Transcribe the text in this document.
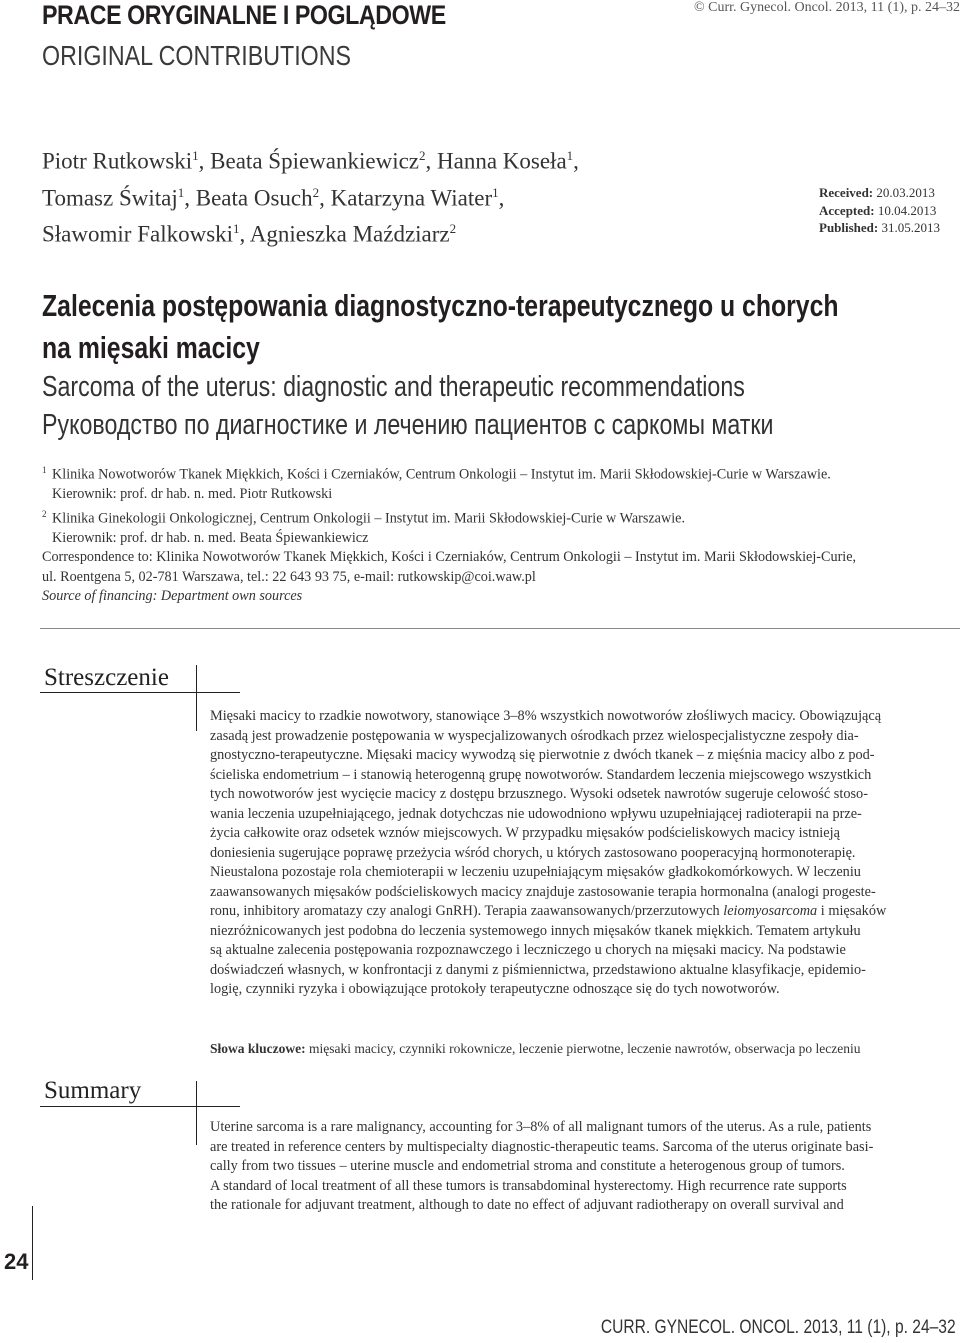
PRACE ORYGINALNE I POGLĄDOWE
ORIGINAL CONTRIBUTIONS
© Curr. Gynecol. Oncol. 2013, 11 (1), p. 24–32
Piotr Rutkowski$^1$, Beata Śpiewankiewicz$^2$, Hanna Koseła$^1$,
Tomasz Świtaj$^1$, Beata Osuch$^2$, Katarzyna Wiater$^1$,
Sławomir Falkowski$^1$, Agnieszka Maździarz$^2$
Received: 20.03.2013
Accepted: 10.04.2013
Published: 31.05.2013
Zalecenia postępowania diagnostyczno-terapeutycznego u chorych
na mięsaki macicy
Sarcoma of the uterus: diagnostic and therapeutic recommendations
Руководство по диагностике и лечению пациентов с саркомы матки
$^1$ Klinika Nowotworów Tkanek Miękkich, Kości i Czerniaków, Centrum Onkologii – Instytut im. Marii Skłodowskiej-Curie w Warszawie.
Kierownik: prof. dr hab. n. med. Piotr Rutkowski
$^2$ Klinika Ginekologii Onkologicznej, Centrum Onkologii – Instytut im. Marii Skłodowskiej-Curie w Warszawie.
Kierownik: prof. dr hab. n. med. Beata Śpiewankiewicz
Correspondence to: Klinika Nowotworów Tkanek Miękkich, Kości i Czerniaków, Centrum Onkologii – Instytut im. Marii Skłodowskiej-Curie,
ul. Roentgena 5, 02-781 Warszawa, tel.: 22 643 93 75, e-mail: rutkowskip@coi.waw.pl
Source of financing: Department own sources
Streszczenie
Mięsaki macicy to rzadkie nowotwory, stanowiące 3–8% wszystkich nowotworów złośliwych macicy. Obowiązującą
zasadą jest prowadzenie postępowania w wyspecjalizowanych ośrodkach przez wielospecjalistyczne zespoły dia-
gnostyczno-terapeutyczne. Mięsaki macicy wywodzą się pierwotnie z dwóch tkanek – z mięśnia macicy albo z pod-
ścieliska endometrium – i stanowią heterogenną grupę nowotworów. Standardem leczenia miejscowego wszystkich
tych nowotworów jest wycięcie macicy z dostępu brzusznego. Wysoki odsetek nawrotów sugeruje celowość stoso-
wania leczenia uzupełniającego, jednak dotychczas nie udowodniono wpływu uzupełniającej radioterapii na prze-
życia całkowite oraz odsetek wznów miejscowych. W przypadku mięsaków podścieliskowych macicy istnieją
doniesienia sugerujące poprawę przeżycia wśród chorych, u których zastosowano pooperacyjną hormonoterapię.
Nieustalona pozostaje rola chemioterapii w leczeniu uzupełniającym mięsaków gładkokomórkowych. W leczeniu
zaawansowanych mięsaków podścieliskowych macicy znajduje zastosowanie terapia hormonalna (analogi progeste-
ronu, inhibitory aromatazy czy analogi GnRH). Terapia zaawansowanych/przerzutowych leiomyosarcoma i mięsaków
niezróżnicowanych jest podobna do leczenia systemowego innych mięsaków tkanek miękkich. Tematem artykułu
są aktualne zalecenia postępowania rozpoznawczego i leczniczego u chorych na mięsaki macicy. Na podstawie
doświadczeń własnych, w konfrontacji z danymi z piśmiennictwa, przedstawiono aktualne klasyfikacje, epidemio-
logię, czynniki ryzyka i obowiązujące protokoły terapeutyczne odnoszące się do tych nowotworów.
Słowa kluczowe: mięsaki macicy, czynniki rokownicze, leczenie pierwotne, leczenie nawrotów, obserwacja po leczeniu
Summary
Uterine sarcoma is a rare malignancy, accounting for 3–8% of all malignant tumors of the uterus. As a rule, patients
are treated in reference centers by multispecialty diagnostic-therapeutic teams. Sarcoma of the uterus originate basi-
cally from two tissues – uterine muscle and endometrial stroma and constitute a heterogenous group of tumors.
A standard of local treatment of all these tumors is transabdominal hysterectomy. High recurrence rate supports
the rationale for adjuvant treatment, although to date no effect of adjuvant radiotherapy on overall survival and
24
CURR. GYNECOL. ONCOL. 2013, 11 (1), p. 24–32
